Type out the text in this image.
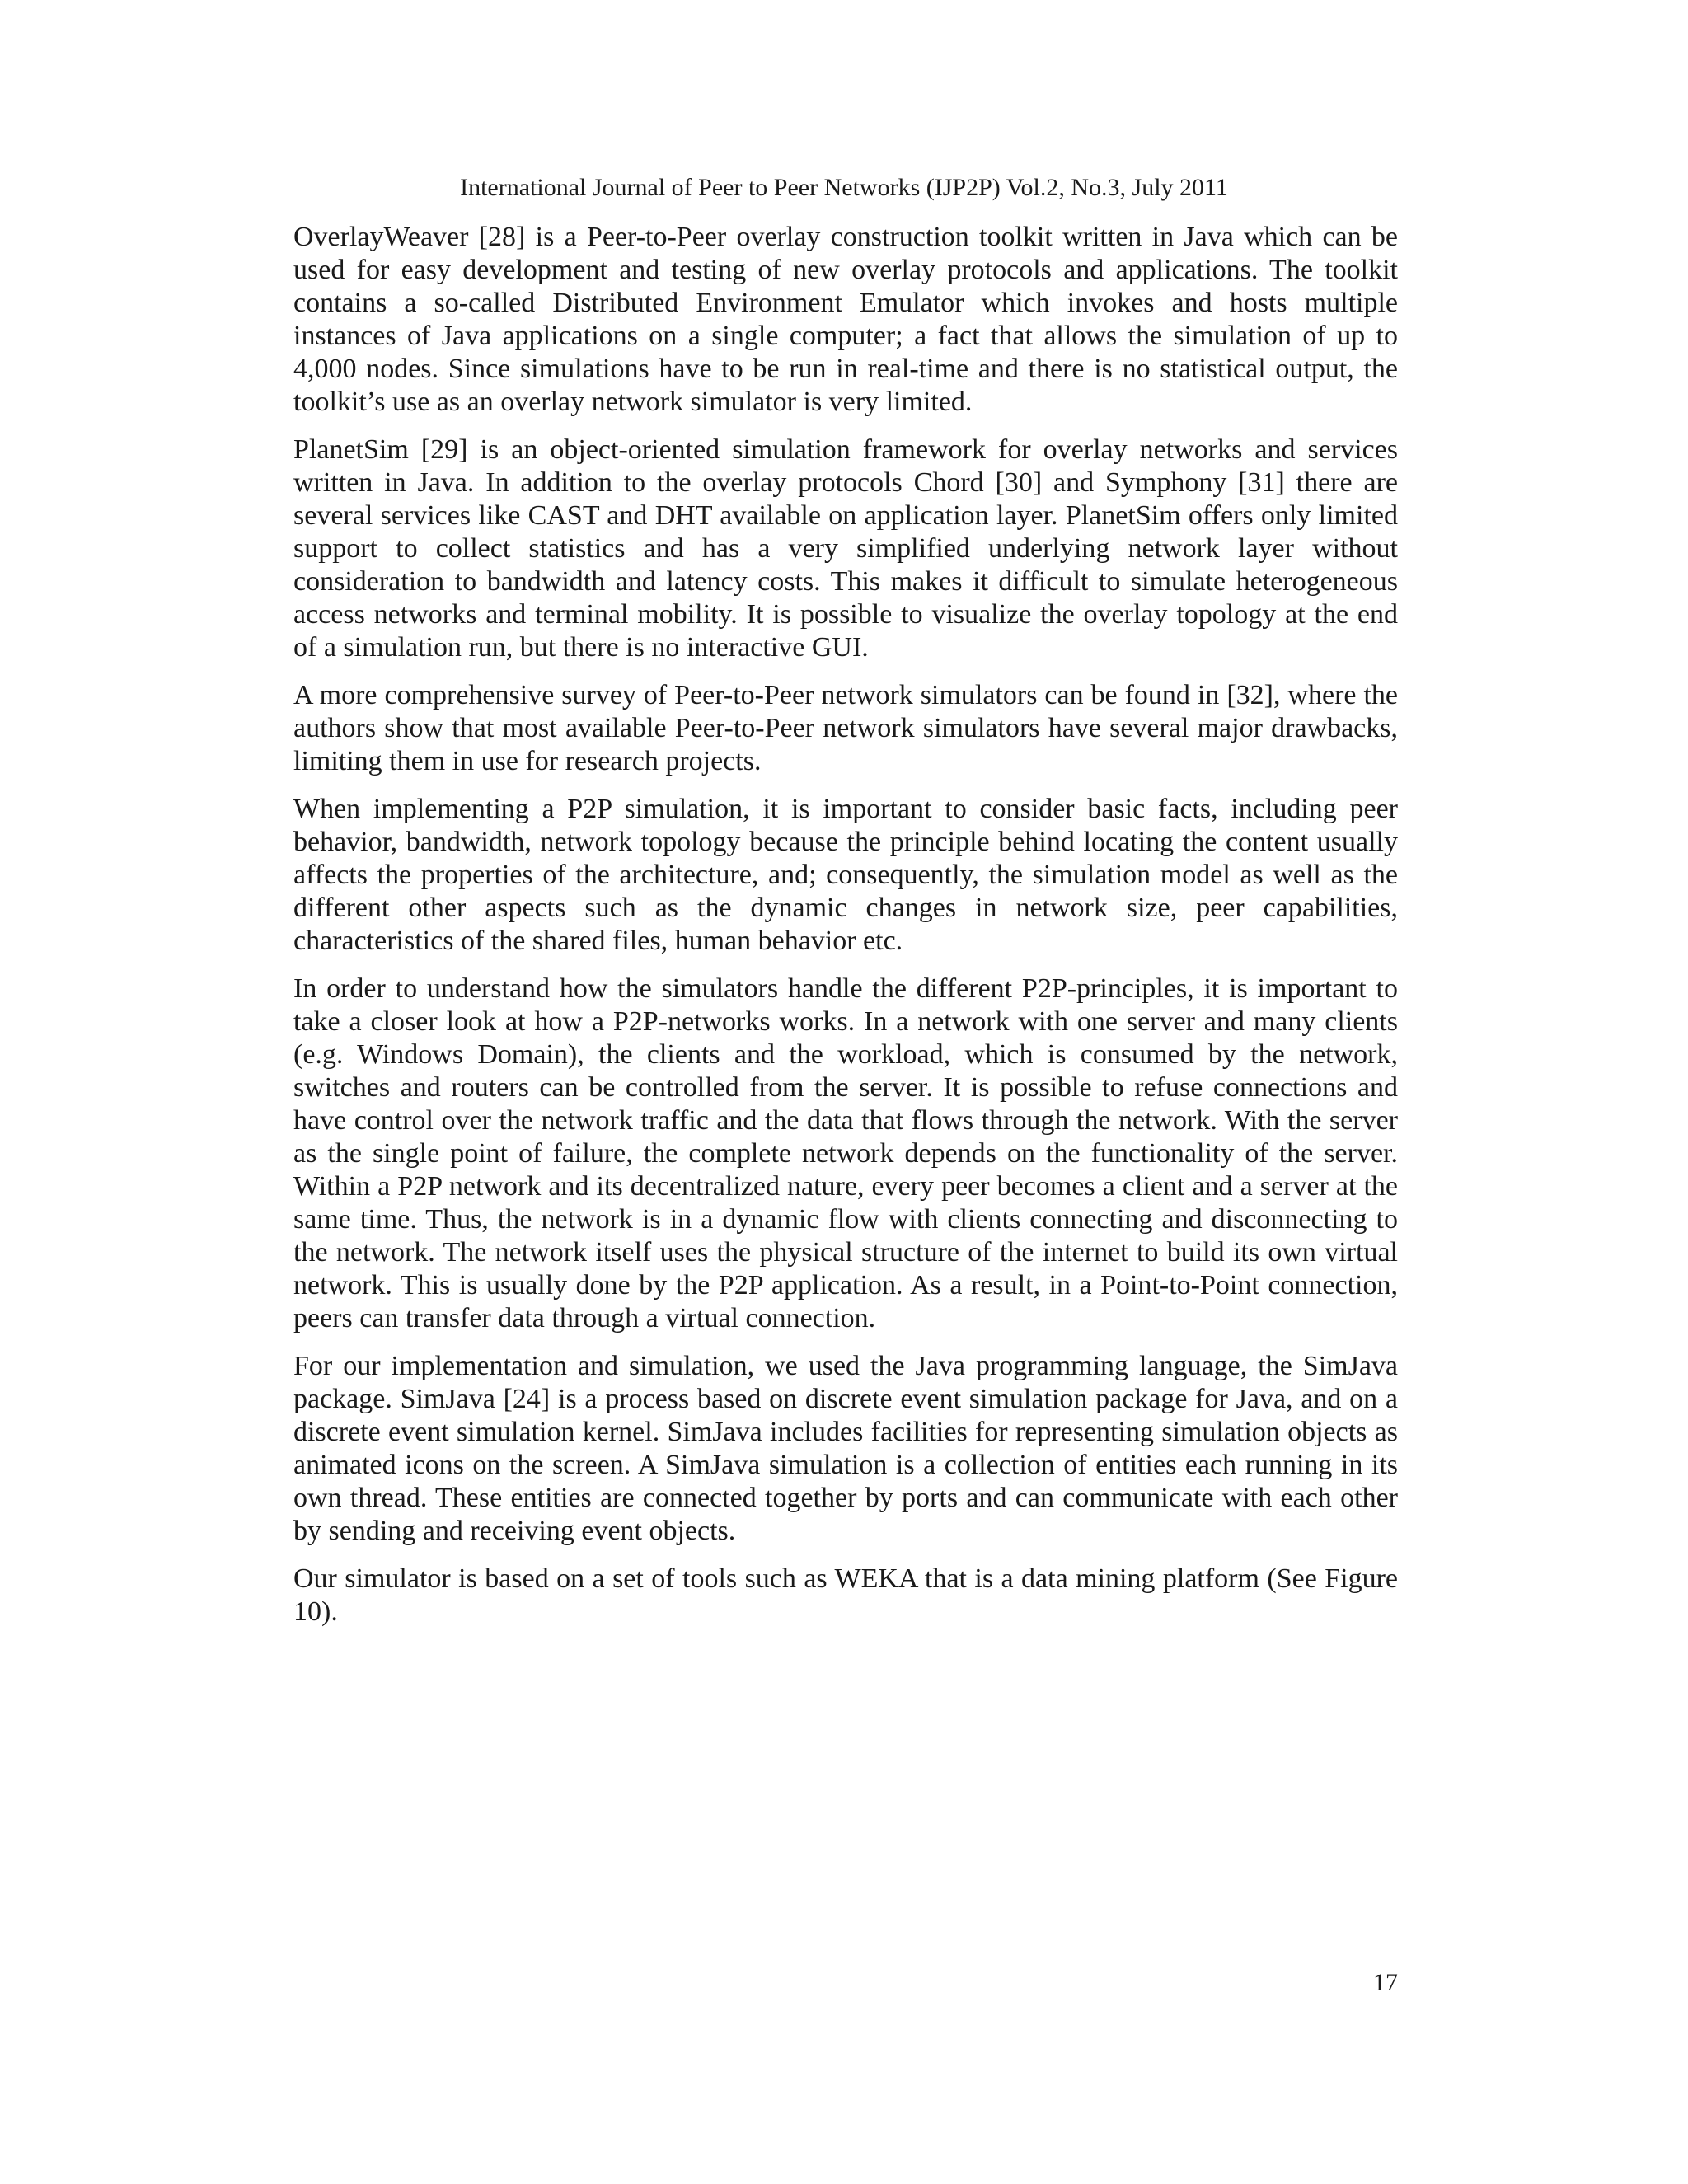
International Journal of Peer to Peer Networks (IJP2P) Vol.2, No.3, July 2011

OverlayWeaver [28] is a Peer-to-Peer overlay construction toolkit written in Java which can be used for easy development and testing of new overlay protocols and applications. The toolkit contains a so-called Distributed Environment Emulator which invokes and hosts multiple instances of Java applications on a single computer; a fact that allows the simulation of up to 4,000 nodes. Since simulations have to be run in real-time and there is no statistical output, the toolkit’s use as an overlay network simulator is very limited.

PlanetSim [29] is an object-oriented simulation framework for overlay networks and services written in Java. In addition to the overlay protocols Chord [30] and Symphony [31] there are several services like CAST and DHT available on application layer. PlanetSim offers only limited support to collect statistics and has a very simplified underlying network layer without consideration to bandwidth and latency costs. This makes it difficult to simulate heterogeneous access networks and terminal mobility. It is possible to visualize the overlay topology at the end of a simulation run, but there is no interactive GUI.

A more comprehensive survey of Peer-to-Peer network simulators can be found in [32], where the authors show that most available Peer-to-Peer network simulators have several major drawbacks, limiting them in use for research projects.

When implementing a P2P simulation, it is important to consider basic facts, including peer behavior, bandwidth, network topology because the principle behind locating the content usually affects the properties of the architecture, and; consequently, the simulation model as well as the different other aspects such as the dynamic changes in network size, peer capabilities, characteristics of the shared files, human behavior etc.

In order to understand how the simulators handle the different P2P-principles, it is important to take a closer look at how a P2P-networks works. In a network with one server and many clients (e.g. Windows Domain), the clients and the workload, which is consumed by the network, switches and routers can be controlled from the server. It is possible to refuse connections and have control over the network traffic and the data that flows through the network. With the server as the single point of failure, the complete network depends on the functionality of the server. Within a P2P network and its decentralized nature, every peer becomes a client and a server at the same time. Thus, the network is in a dynamic flow with clients connecting and disconnecting to the network. The network itself uses the physical structure of the internet to build its own virtual network. This is usually done by the P2P application. As a result, in a Point-to-Point connection, peers can transfer data through a virtual connection.

For our implementation and simulation, we used the Java programming language, the SimJava package. SimJava [24] is a process based on discrete event simulation package for Java, and on a discrete event simulation kernel. SimJava includes facilities for representing simulation objects as animated icons on the screen. A SimJava simulation is a collection of entities each running in its own thread. These entities are connected together by ports and can communicate with each other by sending and receiving event objects.

Our simulator is based on a set of tools such as WEKA that is a data mining platform (See Figure 10).

17
